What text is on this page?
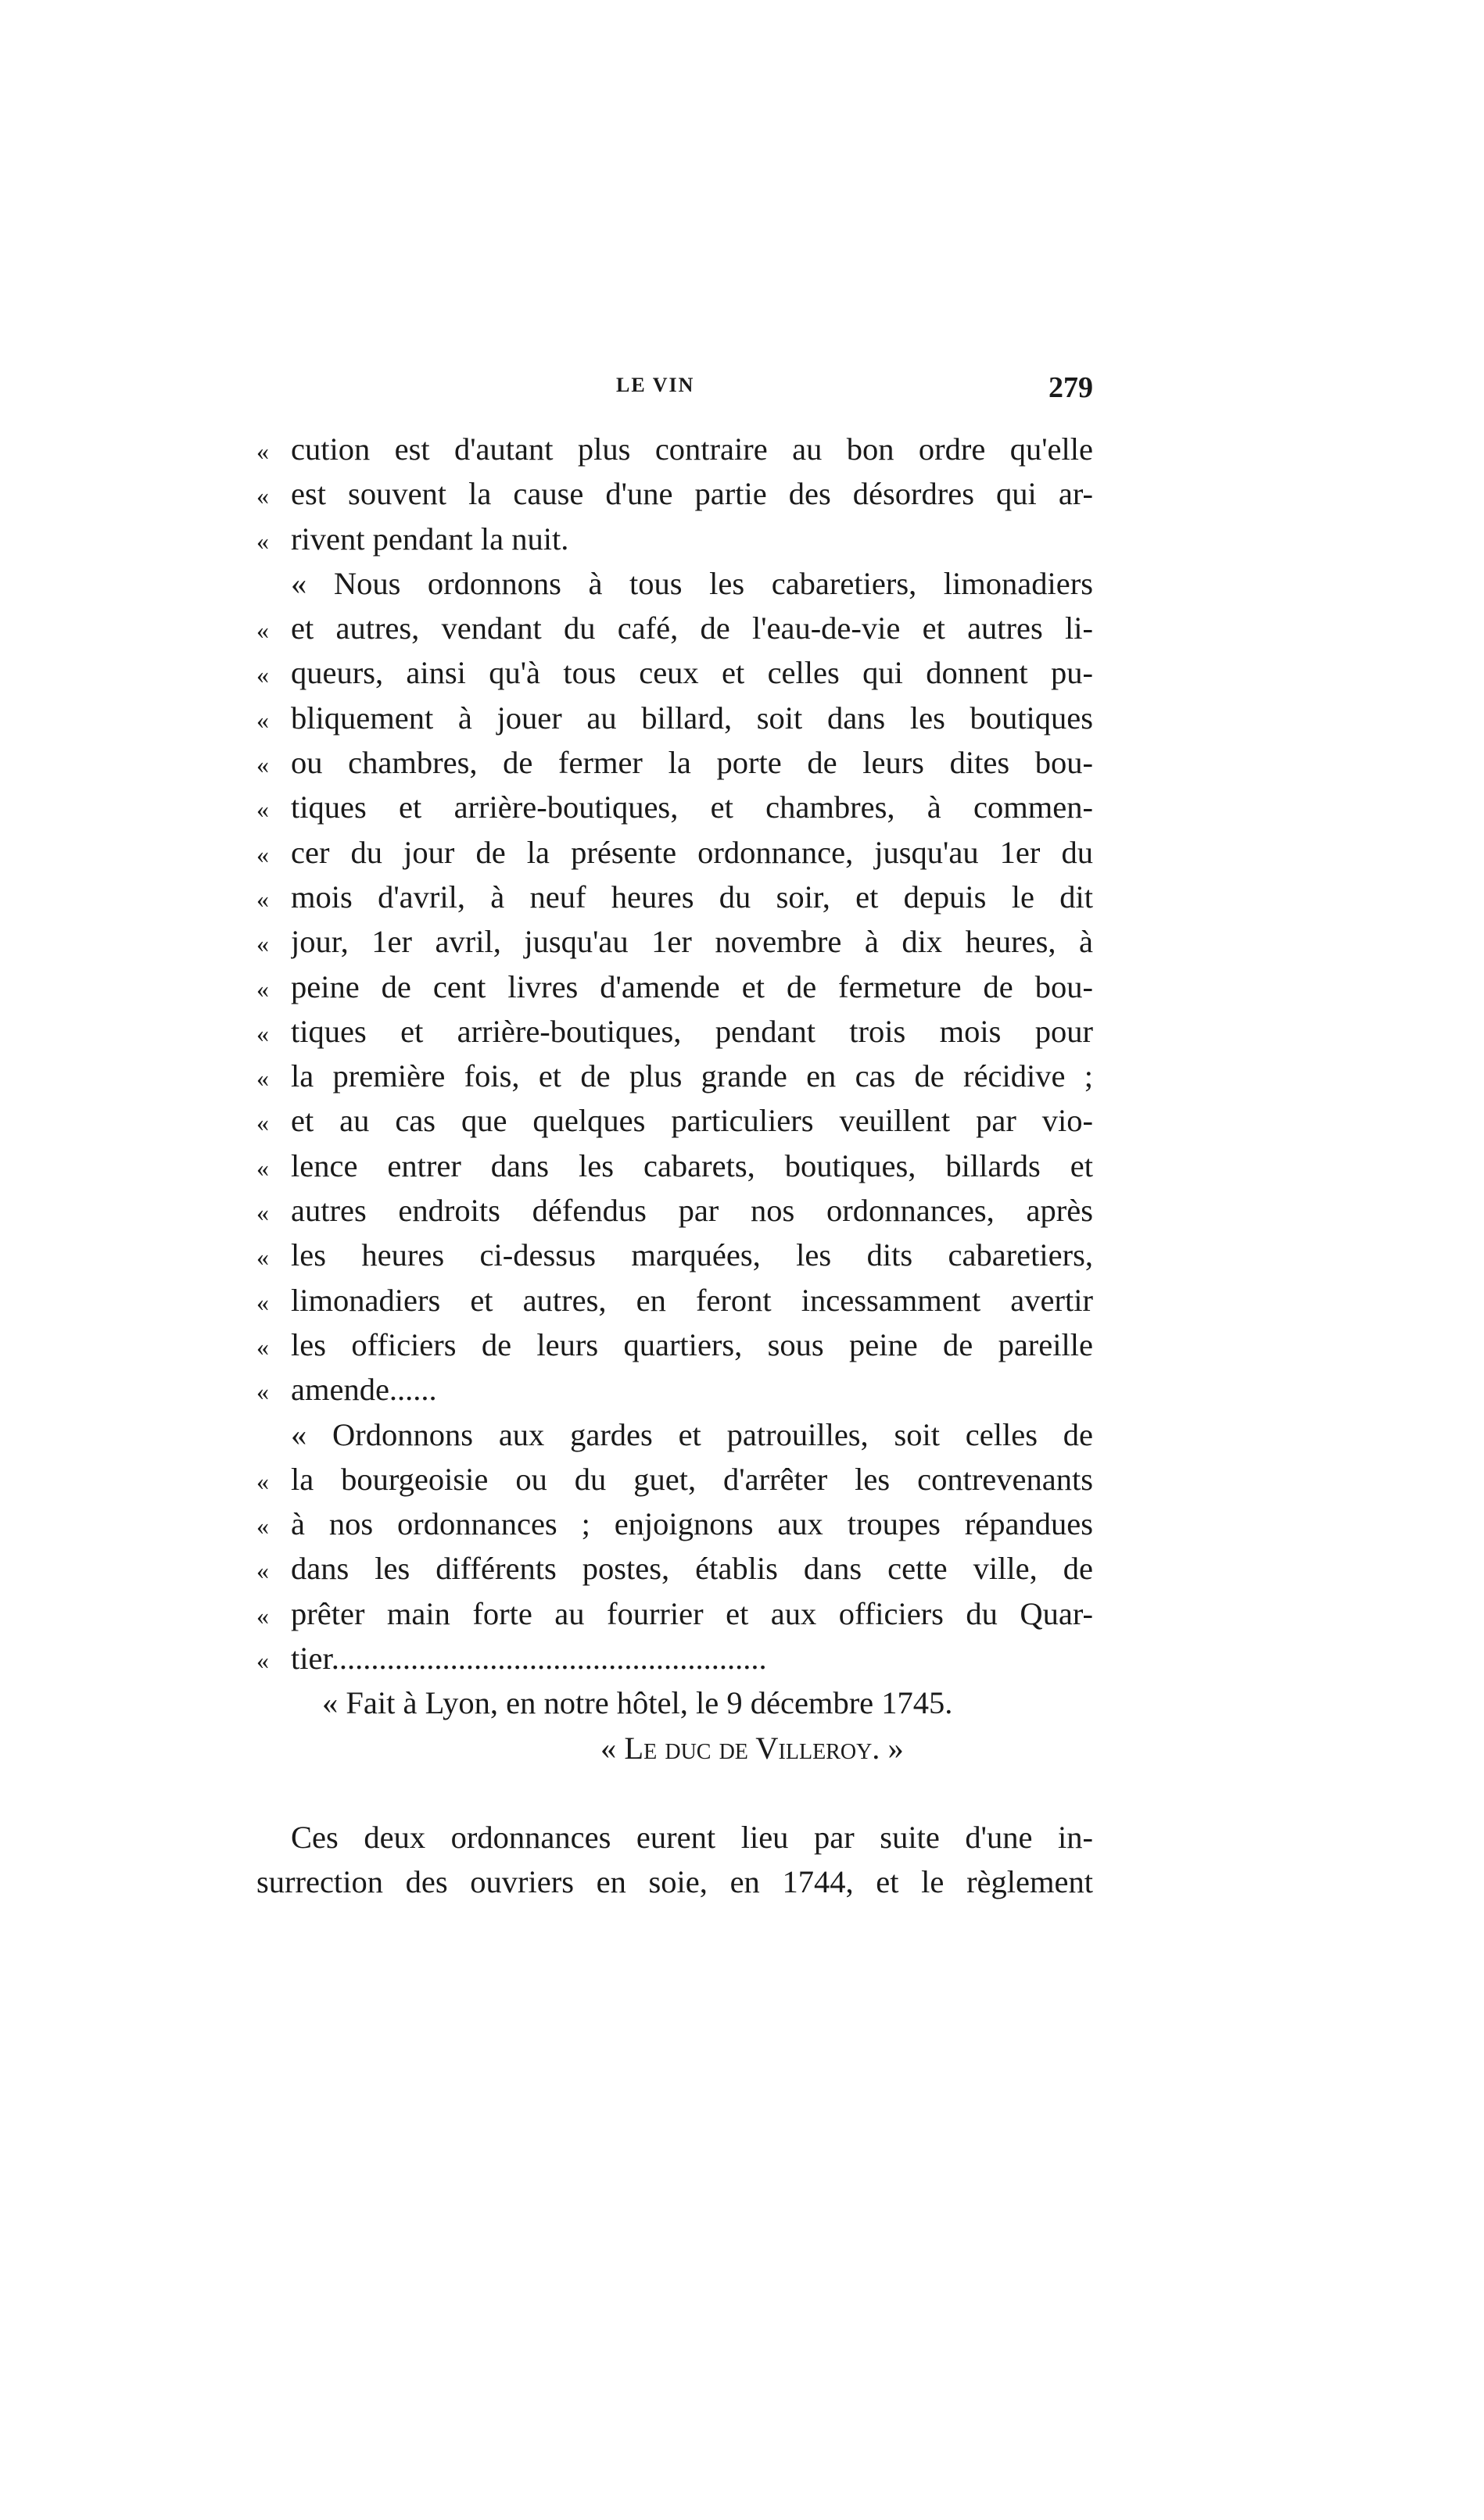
LE VIN	279
« cution est d'autant plus contraire au bon ordre qu'elle
« est souvent la cause d'une partie des désordres qui ar-
« rivent pendant la nuit.
« Nous ordonnons à tous les cabaretiers, limonadiers
« et autres, vendant du café, de l'eau-de-vie et autres li-
« queurs, ainsi qu'à tous ceux et celles qui donnent pu-
« bliquement à jouer au billard, soit dans les boutiques
« ou chambres, de fermer la porte de leurs dites bou-
« tiques et arrière-boutiques, et chambres, à commen-
« cer du jour de la présente ordonnance, jusqu'au 1er du
« mois d'avril, à neuf heures du soir, et depuis le dit
« jour, 1er avril, jusqu'au 1er novembre à dix heures, à
« peine de cent livres d'amende et de fermeture de bou-
« tiques et arrière-boutiques, pendant trois mois pour
« la première fois, et de plus grande en cas de récidive ;
« et au cas que quelques particuliers veuillent par vio-
« lence entrer dans les cabarets, boutiques, billards et
« autres endroits défendus par nos ordonnances, après
« les heures ci-dessus marquées, les dits cabaretiers,
« limonadiers et autres, en feront incessamment avertir
« les officiers de leurs quartiers, sous peine de pareille
« amende......
« Ordonnons aux gardes et patrouilles, soit celles de
« la bourgeoisie ou du guet, d'arrêter les contrevenants
« à nos ordonnances ; enjoignons aux troupes répandues
« dans les différents postes, établis dans cette ville, de
« prêter main forte au fourrier et aux officiers du Quar-
« tier.......................................................
« Fait à Lyon, en notre hôtel, le 9 décembre 1745.
« Le duc de Villeroy. »
Ces deux ordonnances eurent lieu par suite d'une in-
surrection des ouvriers en soie, en 1744, et le règlement
